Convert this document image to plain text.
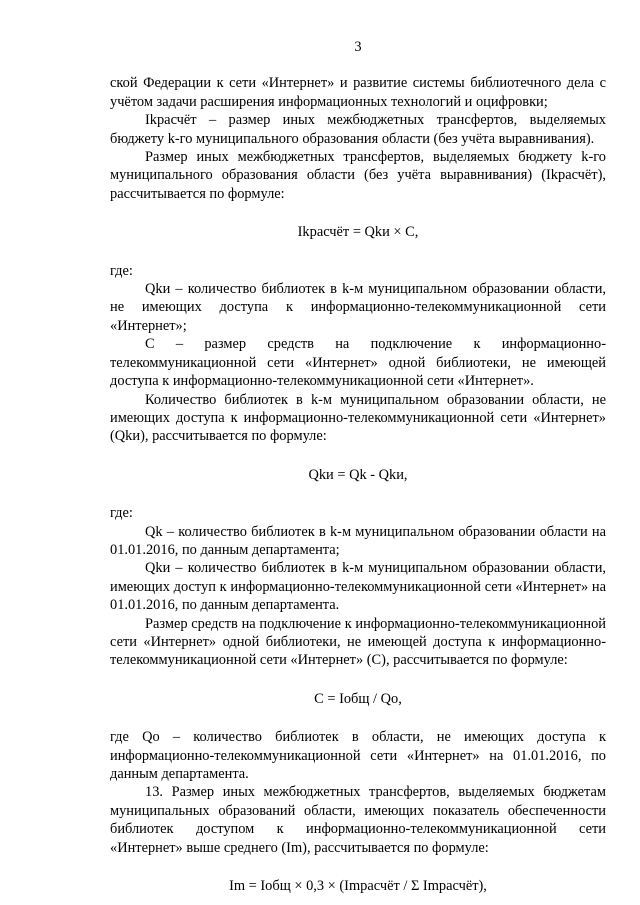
3

ской Федерации к сети «Интернет» и развитие системы библиотечного дела с учётом задачи расширения информационных технологий и оцифровки;

Ikрасчёт – размер иных межбюджетных трансфертов, выделяемых бюджету k-го муниципального образования области (без учёта выравнивания).

Размер иных межбюджетных трансфертов, выделяемых бюджету k-го муниципального образования области (без учёта выравнивания) (Ikрасчёт), рассчитывается по формуле:

Ikрасчёт = Qkи × C,

где:

Qkи – количество библиотек в k-м муниципальном образовании области, не имеющих доступа к информационно-телекоммуникационной сети «Интернет»;

C – размер средств на подключение к информационно-телекоммуникационной сети «Интернет» одной библиотеки, не имеющей доступа к информационно-телекоммуникационной сети «Интернет».

Количество библиотек в k-м муниципальном образовании области, не имеющих доступа к информационно-телекоммуникационной сети «Интернет» (Qkи), рассчитывается по формуле:

Qkи = Qk - Qkи,

где:

Qk – количество библиотек в k-м муниципальном образовании области на 01.01.2016, по данным департамента;

Qkи – количество библиотек в k-м муниципальном образовании области, имеющих доступ к информационно-телекоммуникационной сети «Интернет» на 01.01.2016, по данным департамента.

Размер средств на подключение к информационно-телекоммуникационной сети «Интернет» одной библиотеки, не имеющей доступа к информационно-телекоммуникационной сети «Интернет» (C), рассчитывается по формуле:

C = Iобщ / Qо,

где Qо – количество библиотек в области, не имеющих доступа к информационно-телекоммуникационной сети «Интернет» на 01.01.2016, по данным департамента.

13. Размер иных межбюджетных трансфертов, выделяемых бюджетам муниципальных образований области, имеющих показатель обеспеченности библиотек доступом к информационно-телекоммуникационной сети «Интернет» выше среднего (Im), рассчитывается по формуле:

Im = Iобщ × 0,3 × (Imрасчёт / Σ Imрасчёт),
